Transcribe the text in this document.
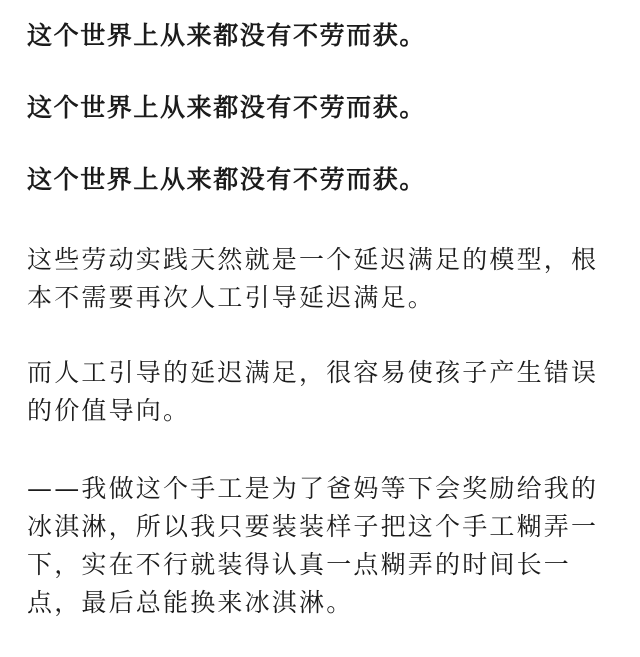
这个世界上从来都没有不劳而获。

这个世界上从来都没有不劳而获。

这个世界上从来都没有不劳而获。

这些劳动实践天然就是一个延迟满足的模型，根本不需要再次人工引导延迟满足。

而人工引导的延迟满足，很容易使孩子产生错误的价值导向。

——我做这个手工是为了爸妈等下会奖励给我的冰淇淋，所以我只要装装样子把这个手工糊弄一下，实在不行就装得认真一点糊弄的时间长一点，最后总能换来冰淇淋。
